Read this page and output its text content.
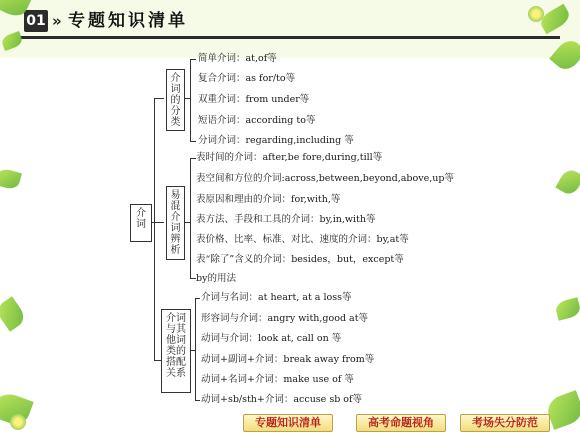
01 » 专题知识清单
介
词
介
词
的
分
类
简单介词：at,of等
复合介词：as for/to等
双重介词：from under等
短语介词：according to等
分词介词：regarding,including 等
易
混
介
词
辨
析
表时间的介词：after,be fore,during,till等
表空间和方位的介词:across,between,beyond,above,up等
表原因和理由的介词：for,with,等
表方法、手段和工具的介词：by,in,with等
表价格、比率、标准、对比、速度的介词：by,at等
表“除了”含义的介词：besides，but，except等
by的用法
介词
与其
他词
类的
搭配
关系
介词与名词：at heart, at a loss等
形容词与介词：angry with,good at等
动词与介词：look at, call on 等
动词+副词+介词：break away from等
动词+名词+介词：make use of 等
动词+sb/sth+介词：accuse sb of等
专题知识清单	高考命题视角	考场失分防范
